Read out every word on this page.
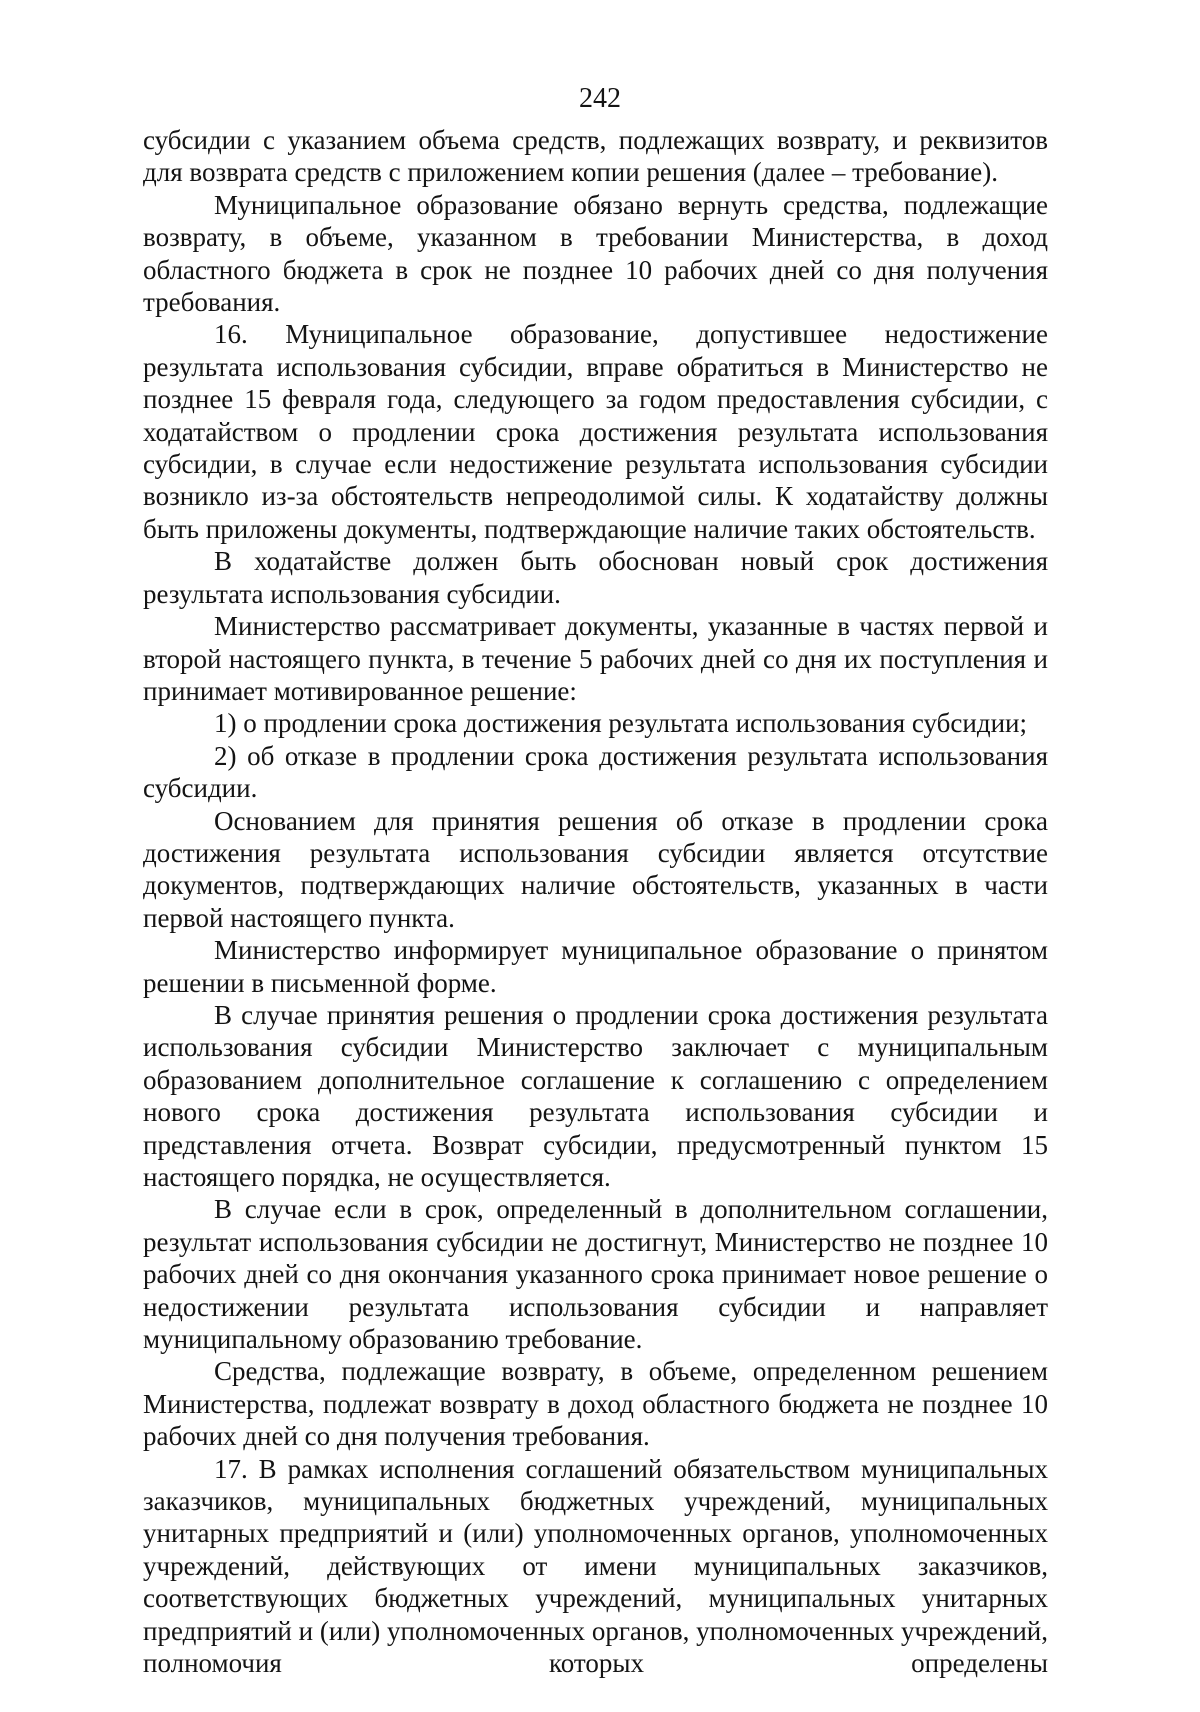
242

субсидии с указанием объема средств, подлежащих возврату, и реквизитов для возврата средств с приложением копии решения (далее – требование).

Муниципальное образование обязано вернуть средства, подлежащие возврату, в объеме, указанном в требовании Министерства, в доход областного бюджета в срок не позднее 10 рабочих дней со дня получения требования.

16. Муниципальное образование, допустившее недостижение результата использования субсидии, вправе обратиться в Министерство не позднее 15 февраля года, следующего за годом предоставления субсидии, с ходатайством о продлении срока достижения результата использования субсидии, в случае если недостижение результата использования субсидии возникло из-за обстоятельств непреодолимой силы. К ходатайству должны быть приложены документы, подтверждающие наличие таких обстоятельств.

В ходатайстве должен быть обоснован новый срок достижения результата использования субсидии.

Министерство рассматривает документы, указанные в частях первой и второй настоящего пункта, в течение 5 рабочих дней со дня их поступления и принимает мотивированное решение:

1) о продлении срока достижения результата использования субсидии;

2) об отказе в продлении срока достижения результата использования субсидии.

Основанием для принятия решения об отказе в продлении срока достижения результата использования субсидии является отсутствие документов, подтверждающих наличие обстоятельств, указанных в части первой настоящего пункта.

Министерство информирует муниципальное образование о принятом решении в письменной форме.

В случае принятия решения о продлении срока достижения результата использования субсидии Министерство заключает с муниципальным образованием дополнительное соглашение к соглашению с определением нового срока достижения результата использования субсидии и представления отчета. Возврат субсидии, предусмотренный пунктом 15 настоящего порядка, не осуществляется.

В случае если в срок, определенный в дополнительном соглашении, результат использования субсидии не достигнут, Министерство не позднее 10 рабочих дней со дня окончания указанного срока принимает новое решение о недостижении результата использования субсидии и направляет муниципальному образованию требование.

Средства, подлежащие возврату, в объеме, определенном решением Министерства, подлежат возврату в доход областного бюджета не позднее 10 рабочих дней со дня получения требования.

17. В рамках исполнения соглашений обязательством муниципальных заказчиков, муниципальных бюджетных учреждений, муниципальных унитарных предприятий и (или) уполномоченных органов, уполномоченных учреждений, действующих от имени муниципальных заказчиков, соответствующих бюджетных учреждений, муниципальных унитарных предприятий и (или) уполномоченных органов, уполномоченных учреждений, полномочия которых определены
